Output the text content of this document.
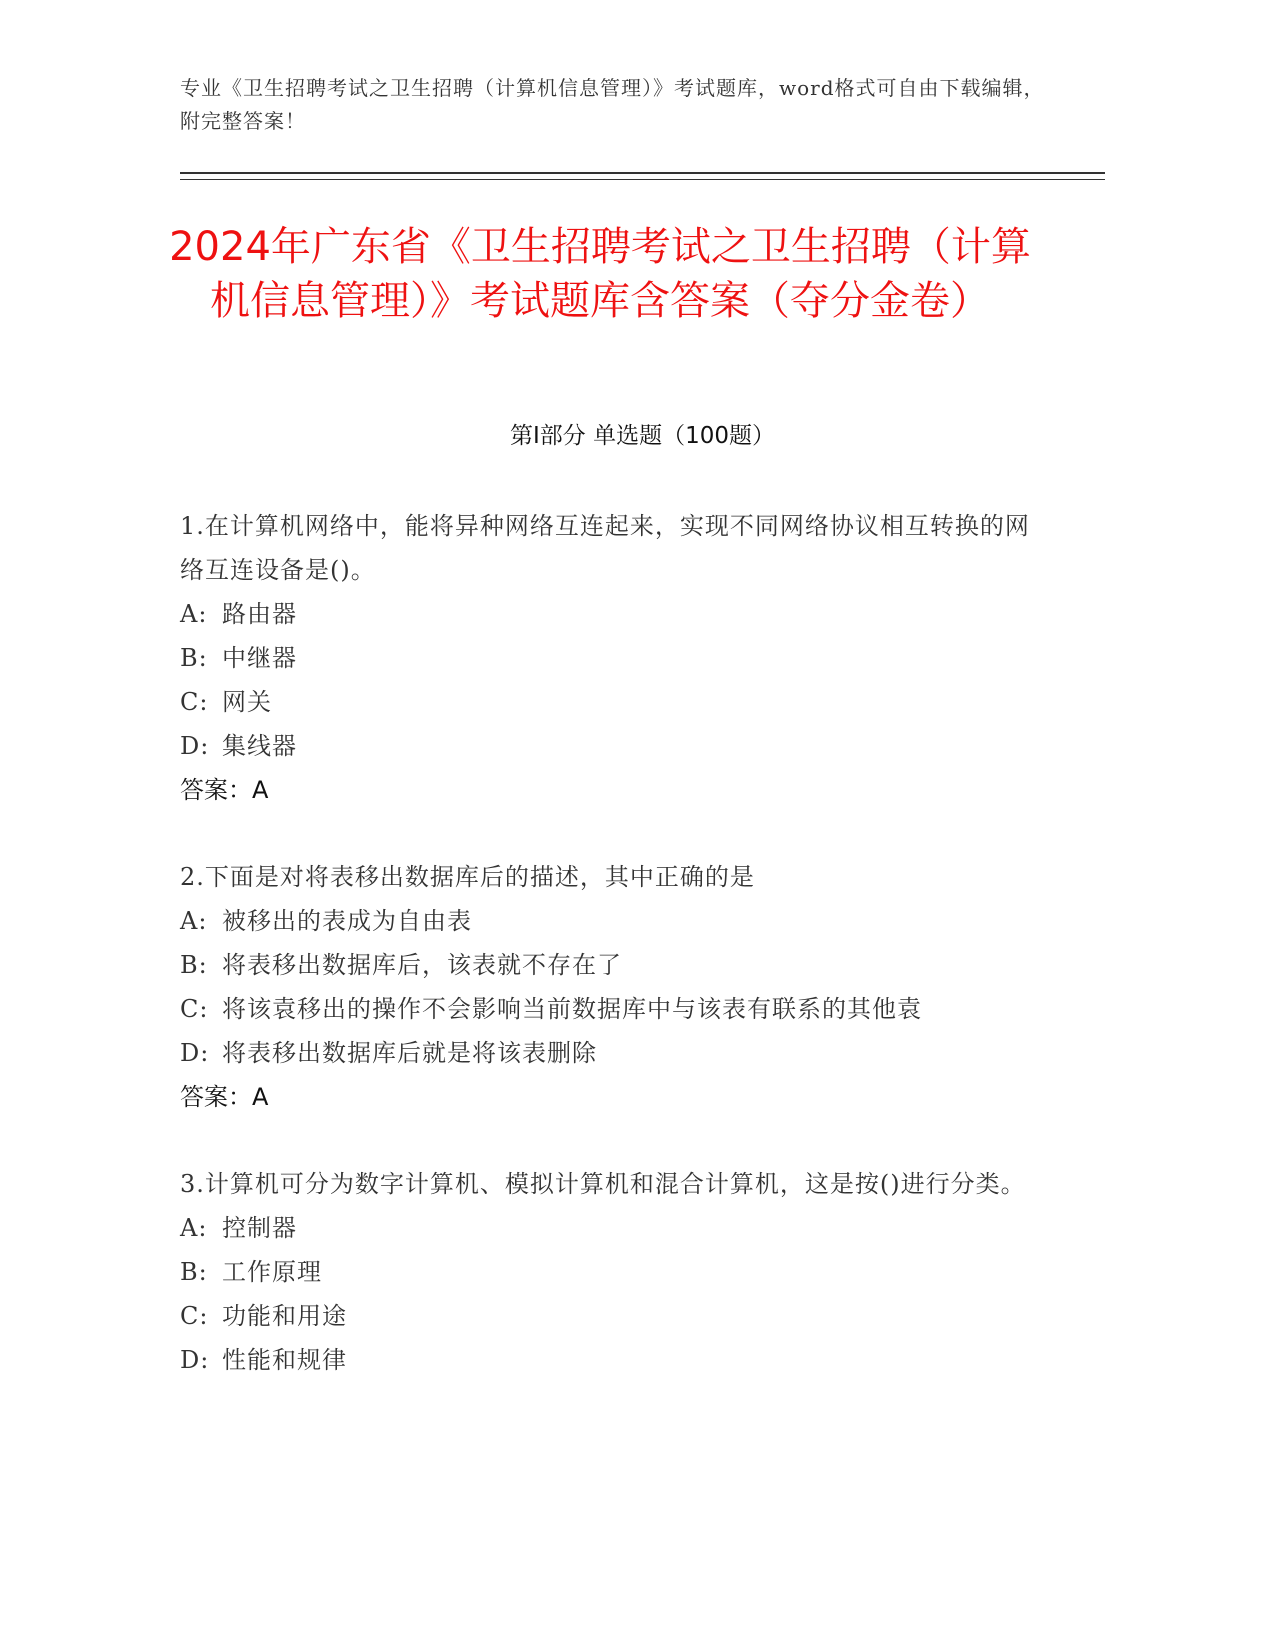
专业《卫生招聘考试之卫生招聘（计算机信息管理）》考试题库，word格式可自由下载编辑，附完整答案！
2024年广东省《卫生招聘考试之卫生招聘（计算机信息管理）》考试题库含答案（夺分金卷）
第Ⅰ部分 单选题（100题）

1.在计算机网络中，能将异种网络互连起来，实现不同网络协议相互转换的网络互连设备是()。

A: 路由器

B: 中继器

C: 网关

D: 集线器

答案：A

2.下面是对将表移出数据库后的描述，其中正确的是

A: 被移出的表成为自由表

B: 将表移出数据库后，该表就不存在了

C: 将该袁移出的操作不会影响当前数据库中与该表有联系的其他袁

D: 将表移出数据库后就是将该表删除

答案：A

3.计算机可分为数字计算机、模拟计算机和混合计算机，这是按()进行分类。

A: 控制器

B: 工作原理

C: 功能和用途

D: 性能和规律
